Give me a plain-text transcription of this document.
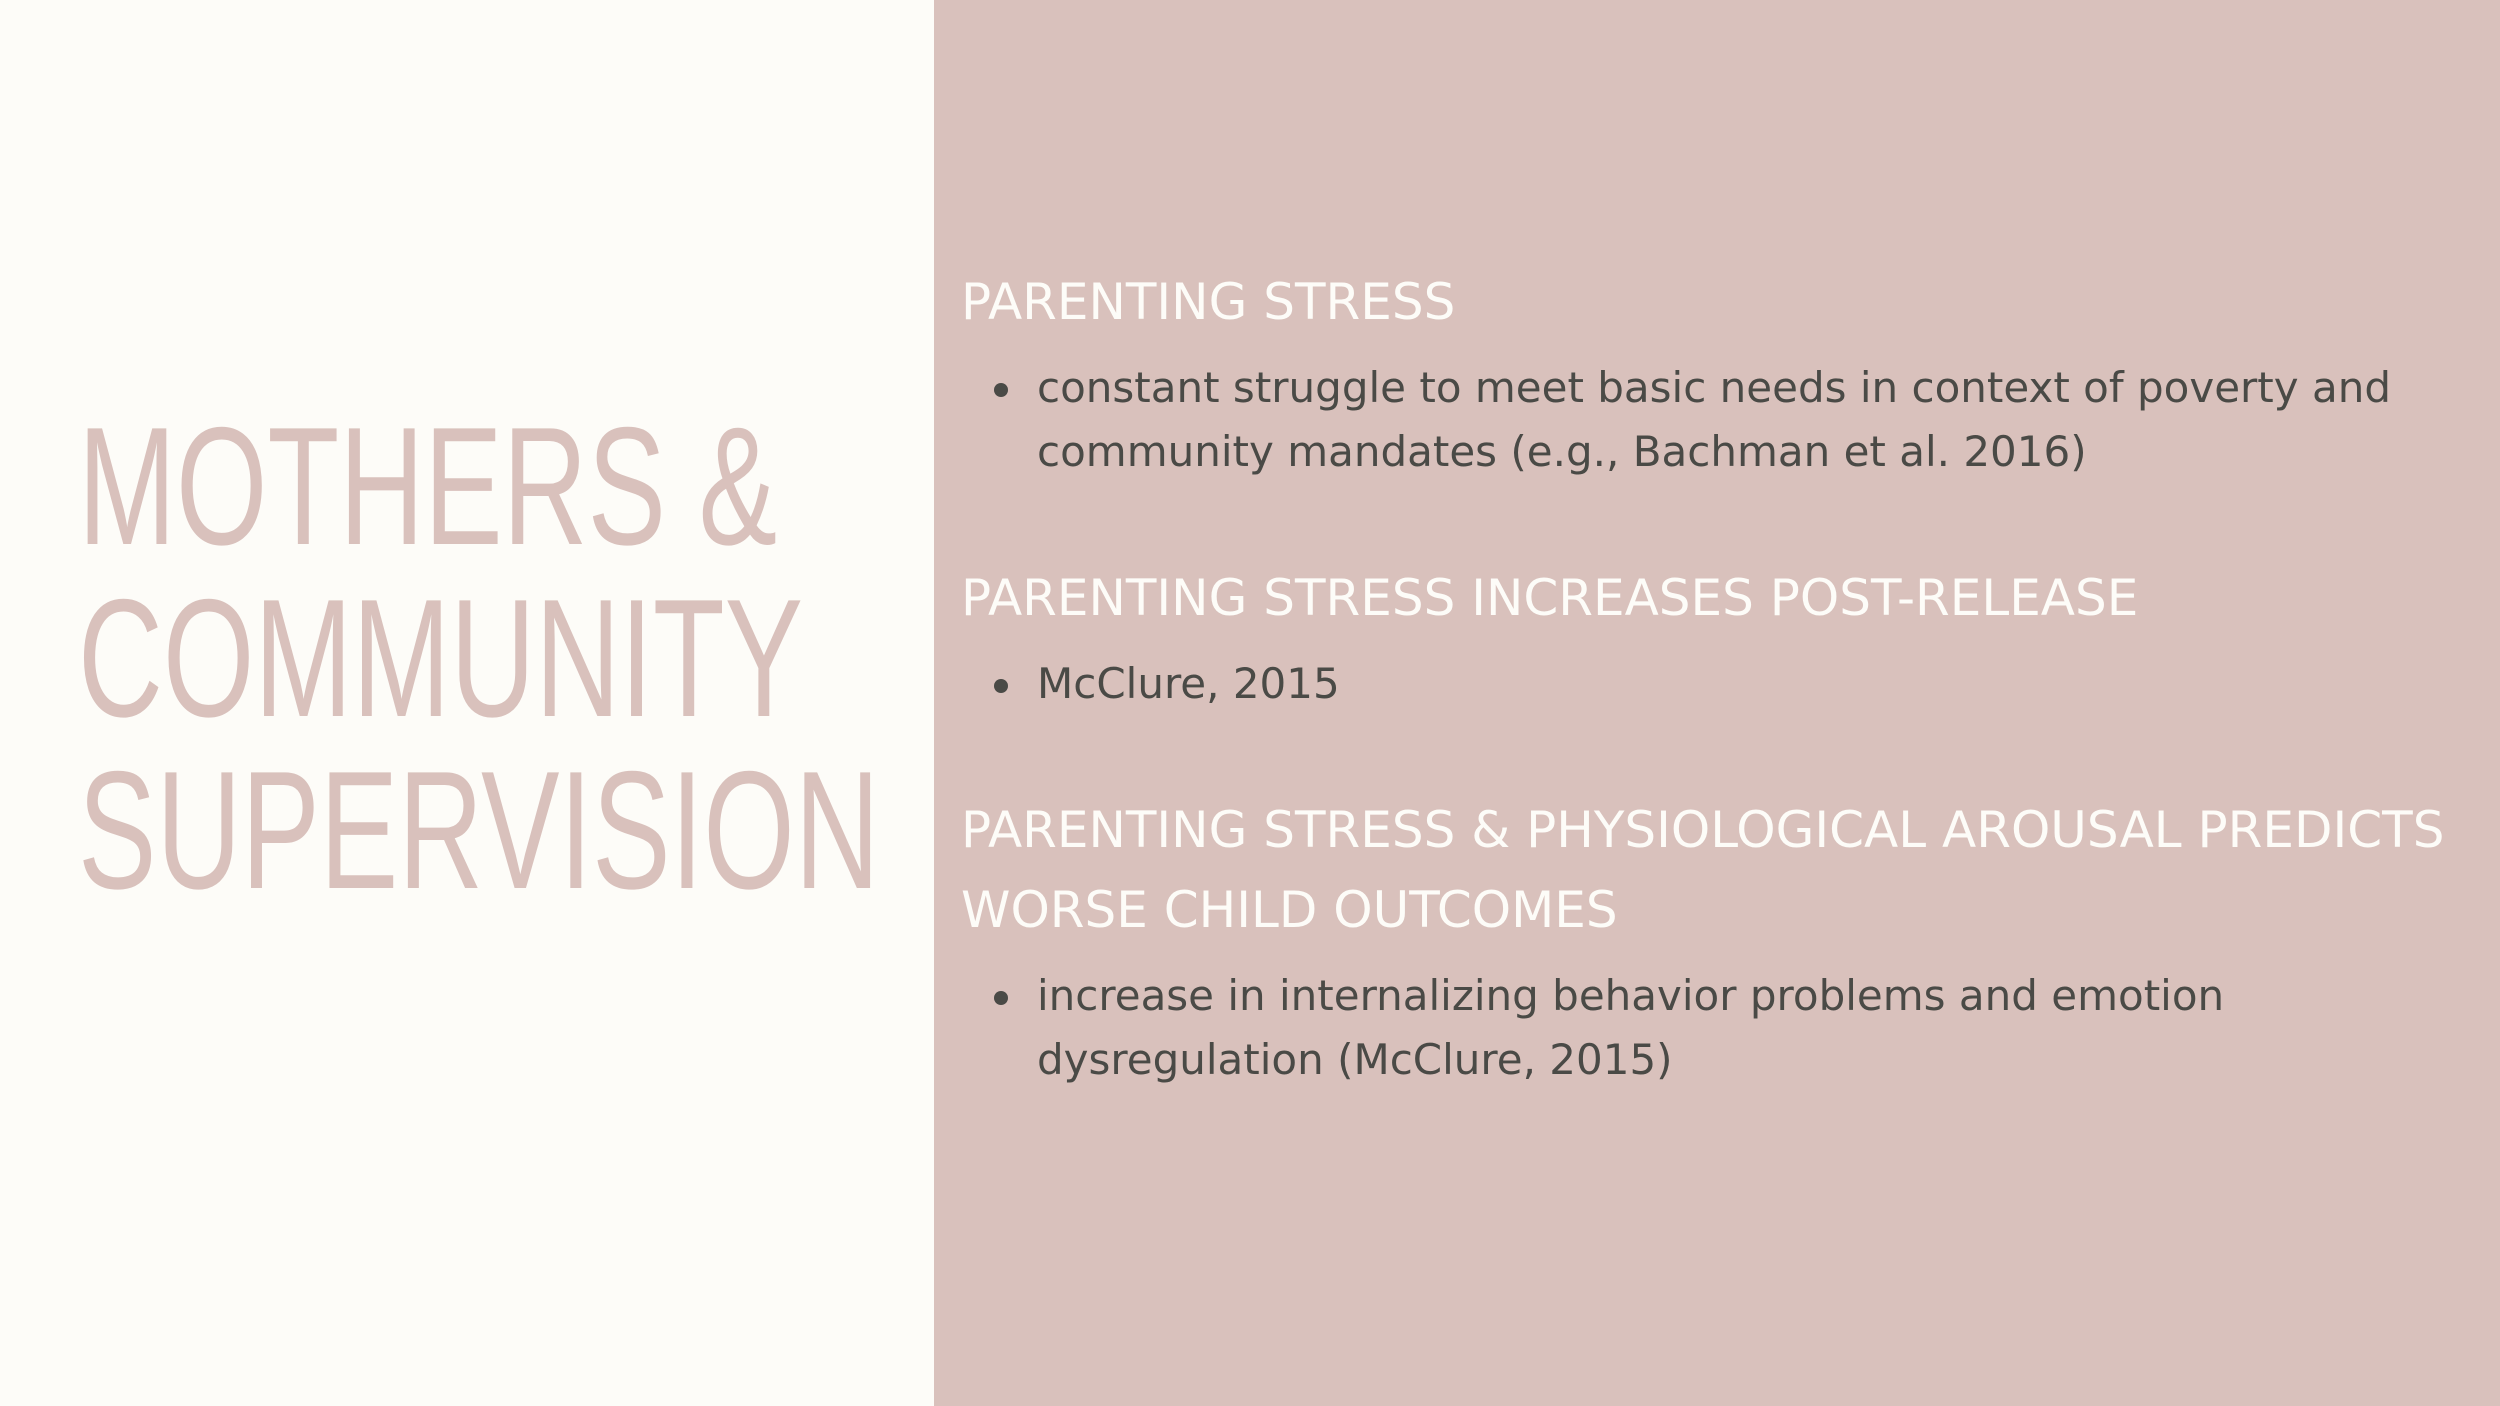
MOTHERS &
COMMUNITY
SUPERVISION
PARENTING STRESS
constant struggle to meet basic needs in context of poverty and community mandates (e.g., Bachman et al. 2016)
PARENTING STRESS INCREASES POST-RELEASE
McClure, 2015
PARENTING STRESS & PHYSIOLOGICAL AROUSAL PREDICTS WORSE CHILD OUTCOMES
increase in internalizing behavior problems and emotion dysregulation (McClure, 2015)
